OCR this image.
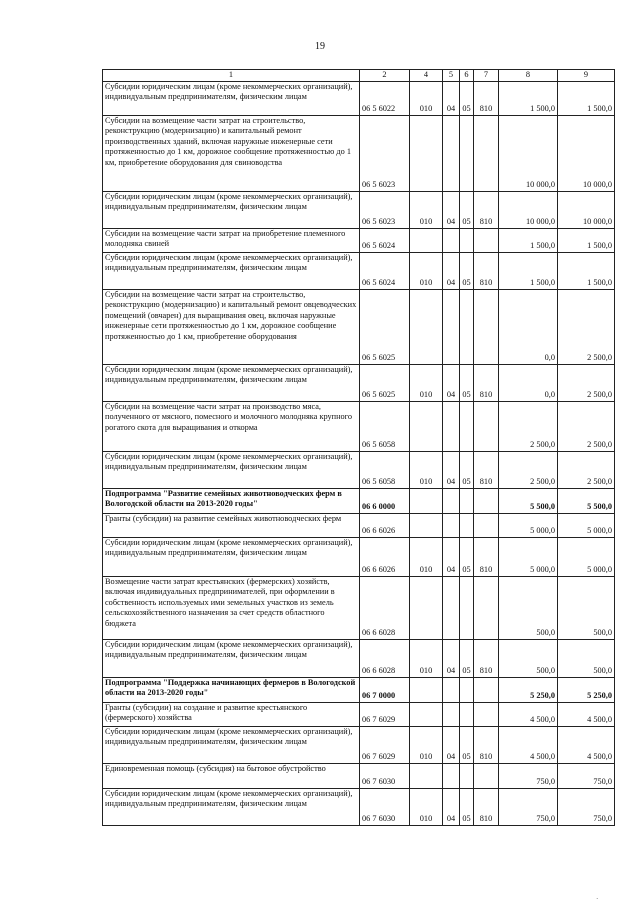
19
1	2	4	5	6	7	8	9
Субсидии юридическим лицам (кроме некоммерческих организаций), индивидуальным предпринимателям, физическим лицам	06 5 6022	010	04	05	810	1 500,0	1 500,0
Субсидии на возмещение части затрат на строительство, реконструкцию (модернизацию) и капитальный ремонт производственных зданий, включая наружные инженерные сети протяженностью до 1 км, дорожное сообщение протяженностью до 1 км, приобретение оборудования для свиноводства	06 5 6023					10 000,0	10 000,0
Субсидии юридическим лицам (кроме некоммерческих организаций), индивидуальным предпринимателям, физическим лицам	06 5 6023	010	04	05	810	10 000,0	10 000,0
Субсидии на возмещение части затрат на приобретение племенного молодняка свиней	06 5 6024					1 500,0	1 500,0
Субсидии юридическим лицам (кроме некоммерческих организаций), индивидуальным предпринимателям, физическим лицам	06 5 6024	010	04	05	810	1 500,0	1 500,0
Субсидии на возмещение части затрат на строительство, реконструкцию (модернизацию) и капитальный ремонт овцеводческих помещений (овчарен) для выращивания овец, включая наружные инженерные сети протяженностью до 1 км, дорожное сообщение протяженностью до 1 км, приобретение оборудования	06 5 6025					0,0	2 500,0
Субсидии юридическим лицам (кроме некоммерческих организаций), индивидуальным предпринимателям, физическим лицам	06 5 6025	010	04	05	810	0,0	2 500,0
Субсидии на возмещение части затрат на производство мяса, полученного от мясного, помесного и молочного молодняка крупного рогатого скота для выращивания и откорма	06 5 6058					2 500,0	2 500,0
Субсидии юридическим лицам (кроме некоммерческих организаций), индивидуальным предпринимателям, физическим лицам	06 5 6058	010	04	05	810	2 500,0	2 500,0
Подпрограмма "Развитие семейных животноводческих ферм в Вологодской области на 2013-2020 годы"	06 6 0000					5 500,0	5 500,0
Гранты (субсидии) на развитие семейных животноводческих ферм	06 6 6026					5 000,0	5 000,0
Субсидии юридическим лицам (кроме некоммерческих организаций), индивидуальным предпринимателям, физическим лицам	06 6 6026	010	04	05	810	5 000,0	5 000,0
Возмещение части затрат крестьянских (фермерских) хозяйств, включая индивидуальных предпринимателей, при оформлении в собственность используемых ими земельных участков из земель сельскохозяйственного назначения за счет средств областного бюджета	06 6 6028					500,0	500,0
Субсидии юридическим лицам (кроме некоммерческих организаций), индивидуальным предпринимателям, физическим лицам	06 6 6028	010	04	05	810	500,0	500,0
Подпрограмма "Поддержка начинающих фермеров в Вологодской области на 2013-2020 годы"	06 7 0000					5 250,0	5 250,0
Гранты (субсидии) на создание и развитие крестьянского (фермерского) хозяйства	06 7 6029					4 500,0	4 500,0
Субсидии юридическим лицам (кроме некоммерческих организаций), индивидуальным предпринимателям, физическим лицам	06 7 6029	010	04	05	810	4 500,0	4 500,0
Единовременная помощь (субсидия) на бытовое обустройство	06 7 6030					750,0	750,0
Субсидии юридическим лицам (кроме некоммерческих организаций), индивидуальным предпринимателям, физическим лицам	06 7 6030	010	04	05	810	750,0	750,0
·
